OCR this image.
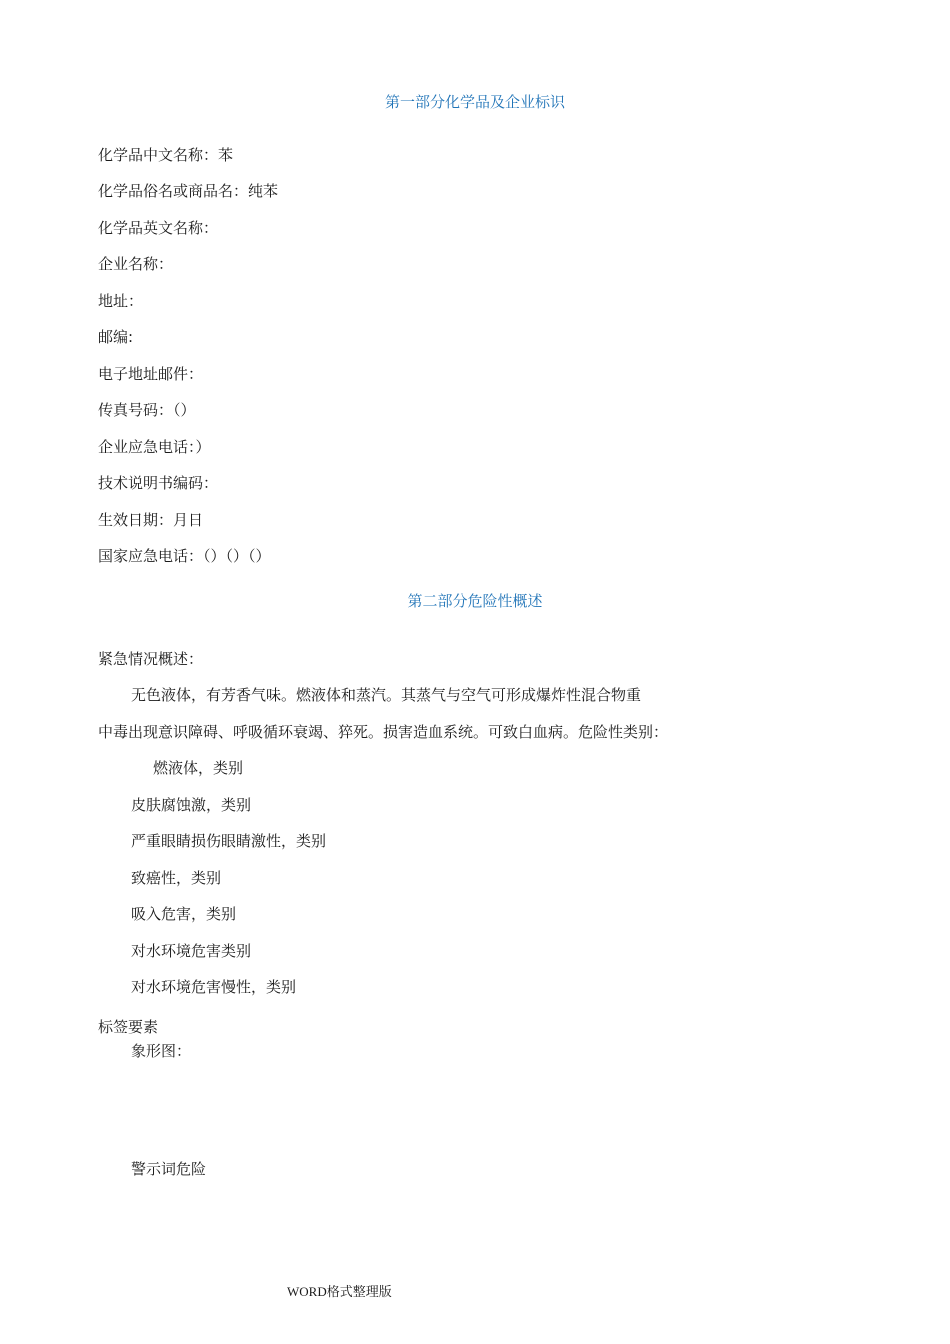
第一部分化学品及企业标识
化学品中文名称：苯
化学品俗名或商品名：纯苯
化学品英文名称：
企业名称：
地址：
邮编:
电子地址邮件：
传真号码：（）
企业应急电话：）
技术说明书编码：
生效日期：月日
国家应急电话：（）（）（）
第二部分危险性概述
紧急情况概述：
无色液体，有芳香气味。燃液体和蒸汽。其蒸气与空气可形成爆炸性混合物重
中毒出现意识障碍、呼吸循环衰竭、猝死。损害造血系统。可致白血病。危险性类别：
燃液体，类别
皮肤腐蚀激，类别
严重眼睛损伤眼睛激性，类别
致癌性，类别
吸入危害，类别
对水环境危害类别
对水环境危害慢性，类别
标签要素
象形图：
警示词危险
WORD格式整理版
